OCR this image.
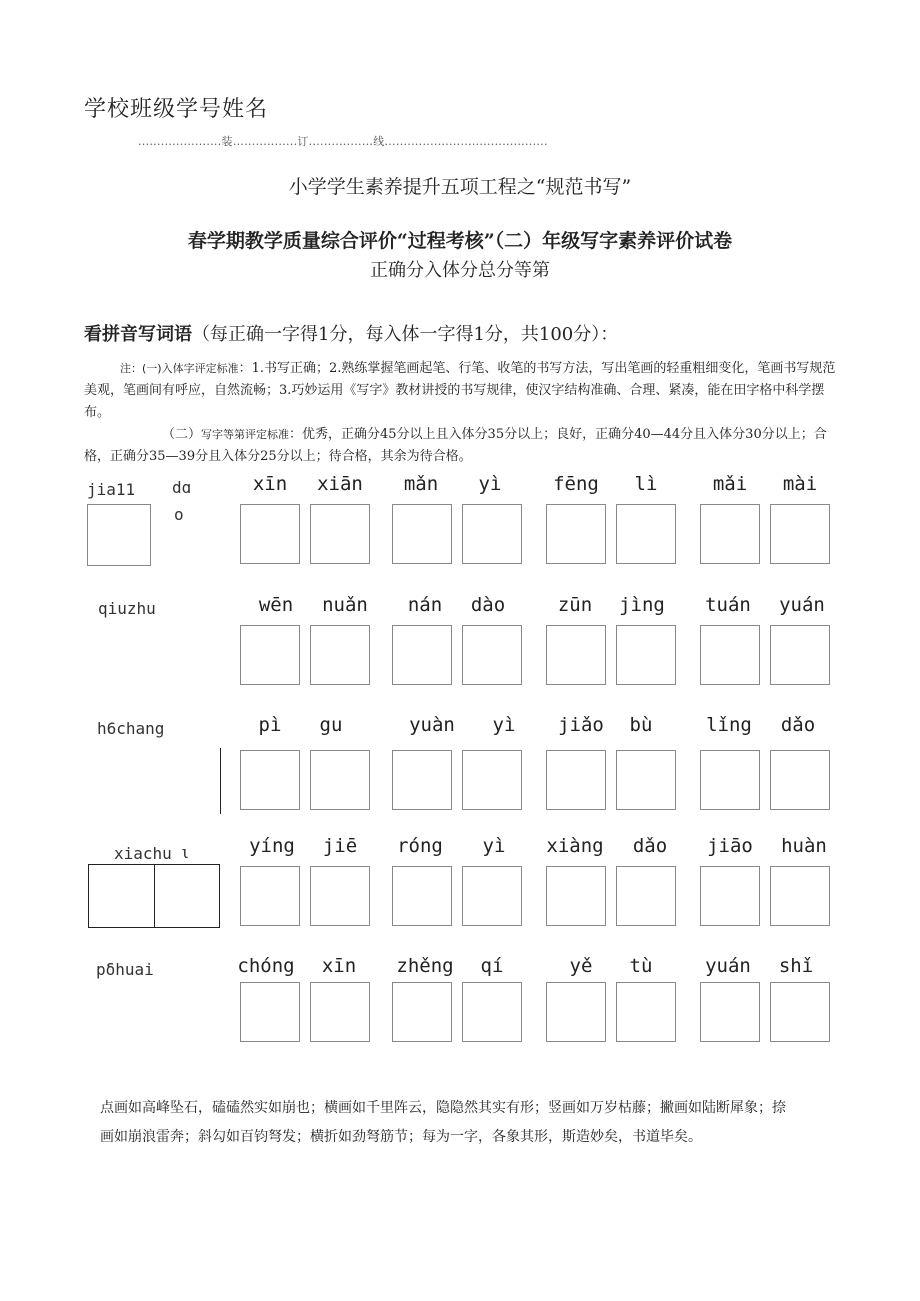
学校班级学号姓名
......................装.................订.................线...........................................
小学学生素养提升五项工程之“规范书写”
春学期教学质量综合评价“过程考核”（二）年级写字素养评价试卷
正确分入体分总分等第
看拼音写词语（每正确一字得1分，每入体一字得1分，共100分）：

注：(一)入体字评定标准：1.书写正确；2.熟练掌握笔画起笔、行笔、收笔的书写方法，写出笔画的轻重粗细变化，笔画书写规范美观，笔画间有呼应，自然流畅；3.巧妙运用《写字》教材讲授的书写规律，使汉字结构准确、合理、紧凑，能在田字格中科学摆布。

（二）写字等第评定标准：优秀，正确分45分以上且入体分35分以上；良好，正确分40—44分且入体分30分以上；合格，正确分35—39分且入体分25分以上；待合格，其余为待合格。

jia11 dɑ
o
xīn	xiān	mǎn	yì	fēng	lì	mǎi	mài
qiuzhu	wēn	nuǎn	nán	dào	zūn	jìng	tuán	yuán
h6chang	pì	gu	yuàn	yì	jiǎo	bù	lǐng	dǎo
xiachu ι	yíng	jiē	róng	yì	xiàng	dǎo	jiāo	huàn
pδhuai	chóng	xīn	zhěng	qí	yě	tù	yuán	shǐ
点画如高峰坠石，磕磕然实如崩也；横画如千里阵云，隐隐然其实有形；竖画如万岁枯藤；撇画如陆断犀象；捺画如崩浪雷奔；斜勾如百钧弩发；横折如劲弩筋节；每为一字，各象其形，斯造妙矣，书道毕矣。
